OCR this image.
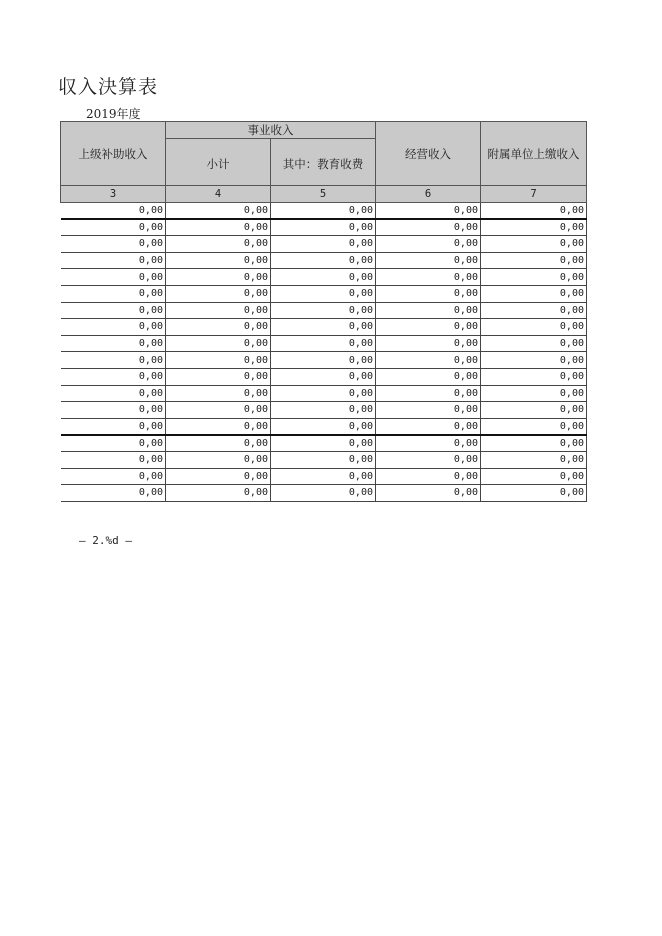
収入決算表
2019年度
上级补助收入	事业收入		经营收入	附属单位上缴收入
	小计	其中：教育收费		
3	4	5	6	7
0,00	0,00	0,00	0,00	0,00
0,00	0,00	0,00	0,00	0,00
0,00	0,00	0,00	0,00	0,00
0,00	0,00	0,00	0,00	0,00
0,00	0,00	0,00	0,00	0,00
0,00	0,00	0,00	0,00	0,00
0,00	0,00	0,00	0,00	0,00
0,00	0,00	0,00	0,00	0,00
0,00	0,00	0,00	0,00	0,00
0,00	0,00	0,00	0,00	0,00
0,00	0,00	0,00	0,00	0,00
0,00	0,00	0,00	0,00	0,00
0,00	0,00	0,00	0,00	0,00
0,00	0,00	0,00	0,00	0,00
0,00	0,00	0,00	0,00	0,00
0,00	0,00	0,00	0,00	0,00
0,00	0,00	0,00	0,00	0,00
0,00	0,00	0,00	0,00	0,00
— 2.%d —
